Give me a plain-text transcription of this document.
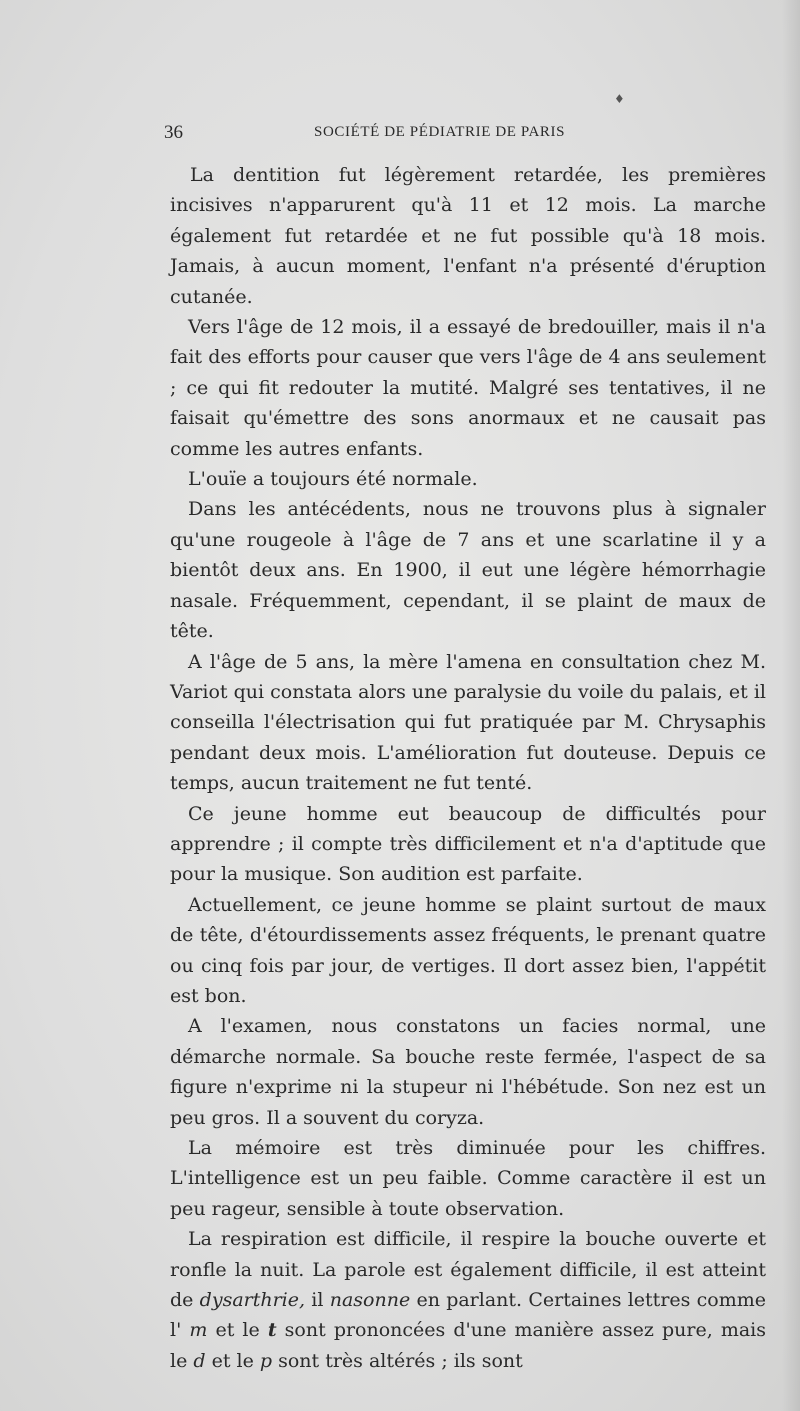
♦
36	SOCIÉTÉ DE PÉDIATRIE DE PARIS

La dentition fut légèrement retardée, les premières incisives n'apparurent qu'à 11 et 12 mois. La marche également fut retardée et ne fut possible qu'à 18 mois. Jamais, à aucun moment, l'enfant n'a présenté d'éruption cutanée.

Vers l'âge de 12 mois, il a essayé de bredouiller, mais il n'a fait des efforts pour causer que vers l'âge de 4 ans seulement ; ce qui fit redouter la mutité. Malgré ses tentatives, il ne faisait qu'émettre des sons anormaux et ne causait pas comme les autres enfants.

L'ouïe a toujours été normale.

Dans les antécédents, nous ne trouvons plus à signaler qu'une rougeole à l'âge de 7 ans et une scarlatine il y a bientôt deux ans. En 1900, il eut une légère hémorrhagie nasale. Fréquemment, cependant, il se plaint de maux de tête.

A l'âge de 5 ans, la mère l'amena en consultation chez M. Variot qui constata alors une paralysie du voile du palais, et il conseilla l'électrisation qui fut pratiquée par M. Chrysaphis pendant deux mois. L'amélioration fut douteuse. Depuis ce temps, aucun traitement ne fut tenté.

Ce jeune homme eut beaucoup de difficultés pour apprendre ; il compte très difficilement et n'a d'aptitude que pour la musique. Son audition est parfaite.

Actuellement, ce jeune homme se plaint surtout de maux de tête, d'étourdissements assez fréquents, le prenant quatre ou cinq fois par jour, de vertiges. Il dort assez bien, l'appétit est bon.

A l'examen, nous constatons un facies normal, une démarche normale. Sa bouche reste fermée, l'aspect de sa figure n'exprime ni la stupeur ni l'hébétude. Son nez est un peu gros. Il a souvent du coryza.

La mémoire est très diminuée pour les chiffres. L'intelligence est un peu faible. Comme caractère il est un peu rageur, sensible à toute observation.

La respiration est difficile, il respire la bouche ouverte et ronfle la nuit. La parole est également difficile, il est atteint de dysarthrie, il nasonne en parlant. Certaines lettres comme l' m et le t sont prononcées d'une manière assez pure, mais le d et le p sont très altérés ; ils sont
